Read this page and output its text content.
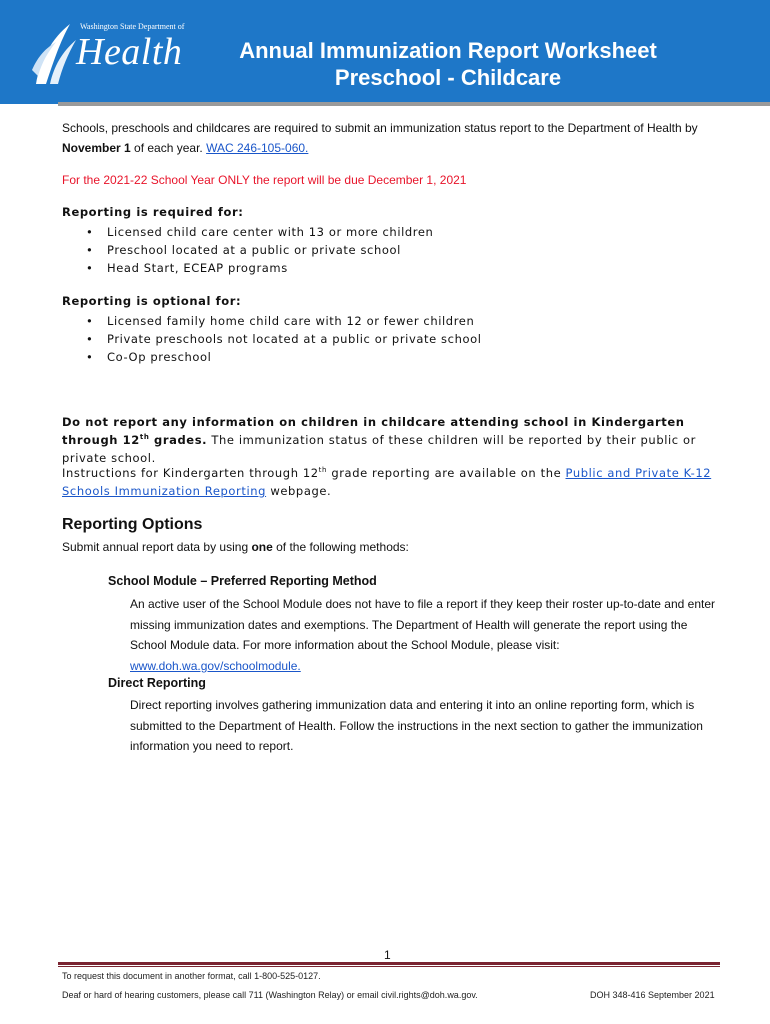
Washington State Department of
Health	Annual Immunization Report Worksheet
Preschool - Childcare

Schools, preschools and childcares are required to submit an immunization status report to the Department of Health by November 1 of each year. WAC 246-105-060.

For the 2021-22 School Year ONLY the report will be due December 1, 2021

Reporting is required for:

• Licensed child care center with 13 or more children
• Preschool located at a public or private school
• Head Start, ECEAP programs

Reporting is optional for:

• Licensed family home child care with 12 or fewer children
• Private preschools not located at a public or private school
• Co-Op preschool

Do not report any information on children in childcare attending school in Kindergarten through 12th grades. The immunization status of these children will be reported by their public or private school.

Instructions for Kindergarten through 12th grade reporting are available on the Public and Private K-12 Schools Immunization Reporting webpage.

Reporting Options

Submit annual report data by using one of the following methods:

School Module – Preferred Reporting Method

An active user of the School Module does not have to file a report if they keep their roster up-to-date and enter missing immunization dates and exemptions. The Department of Health will generate the report using the School Module data. For more information about the School Module, please visit: www.doh.wa.gov/schoolmodule.

Direct Reporting

Direct reporting involves gathering immunization data and entering it into an online reporting form, which is submitted to the Department of Health. Follow the instructions in the next section to gather the immunization information you need to report.

1
To request this document in another format, call 1-800-525-0127.
Deaf or hard of hearing customers, please call 711 (Washington Relay) or email civil.rights@doh.wa.gov.	DOH 348-416 September 2021
